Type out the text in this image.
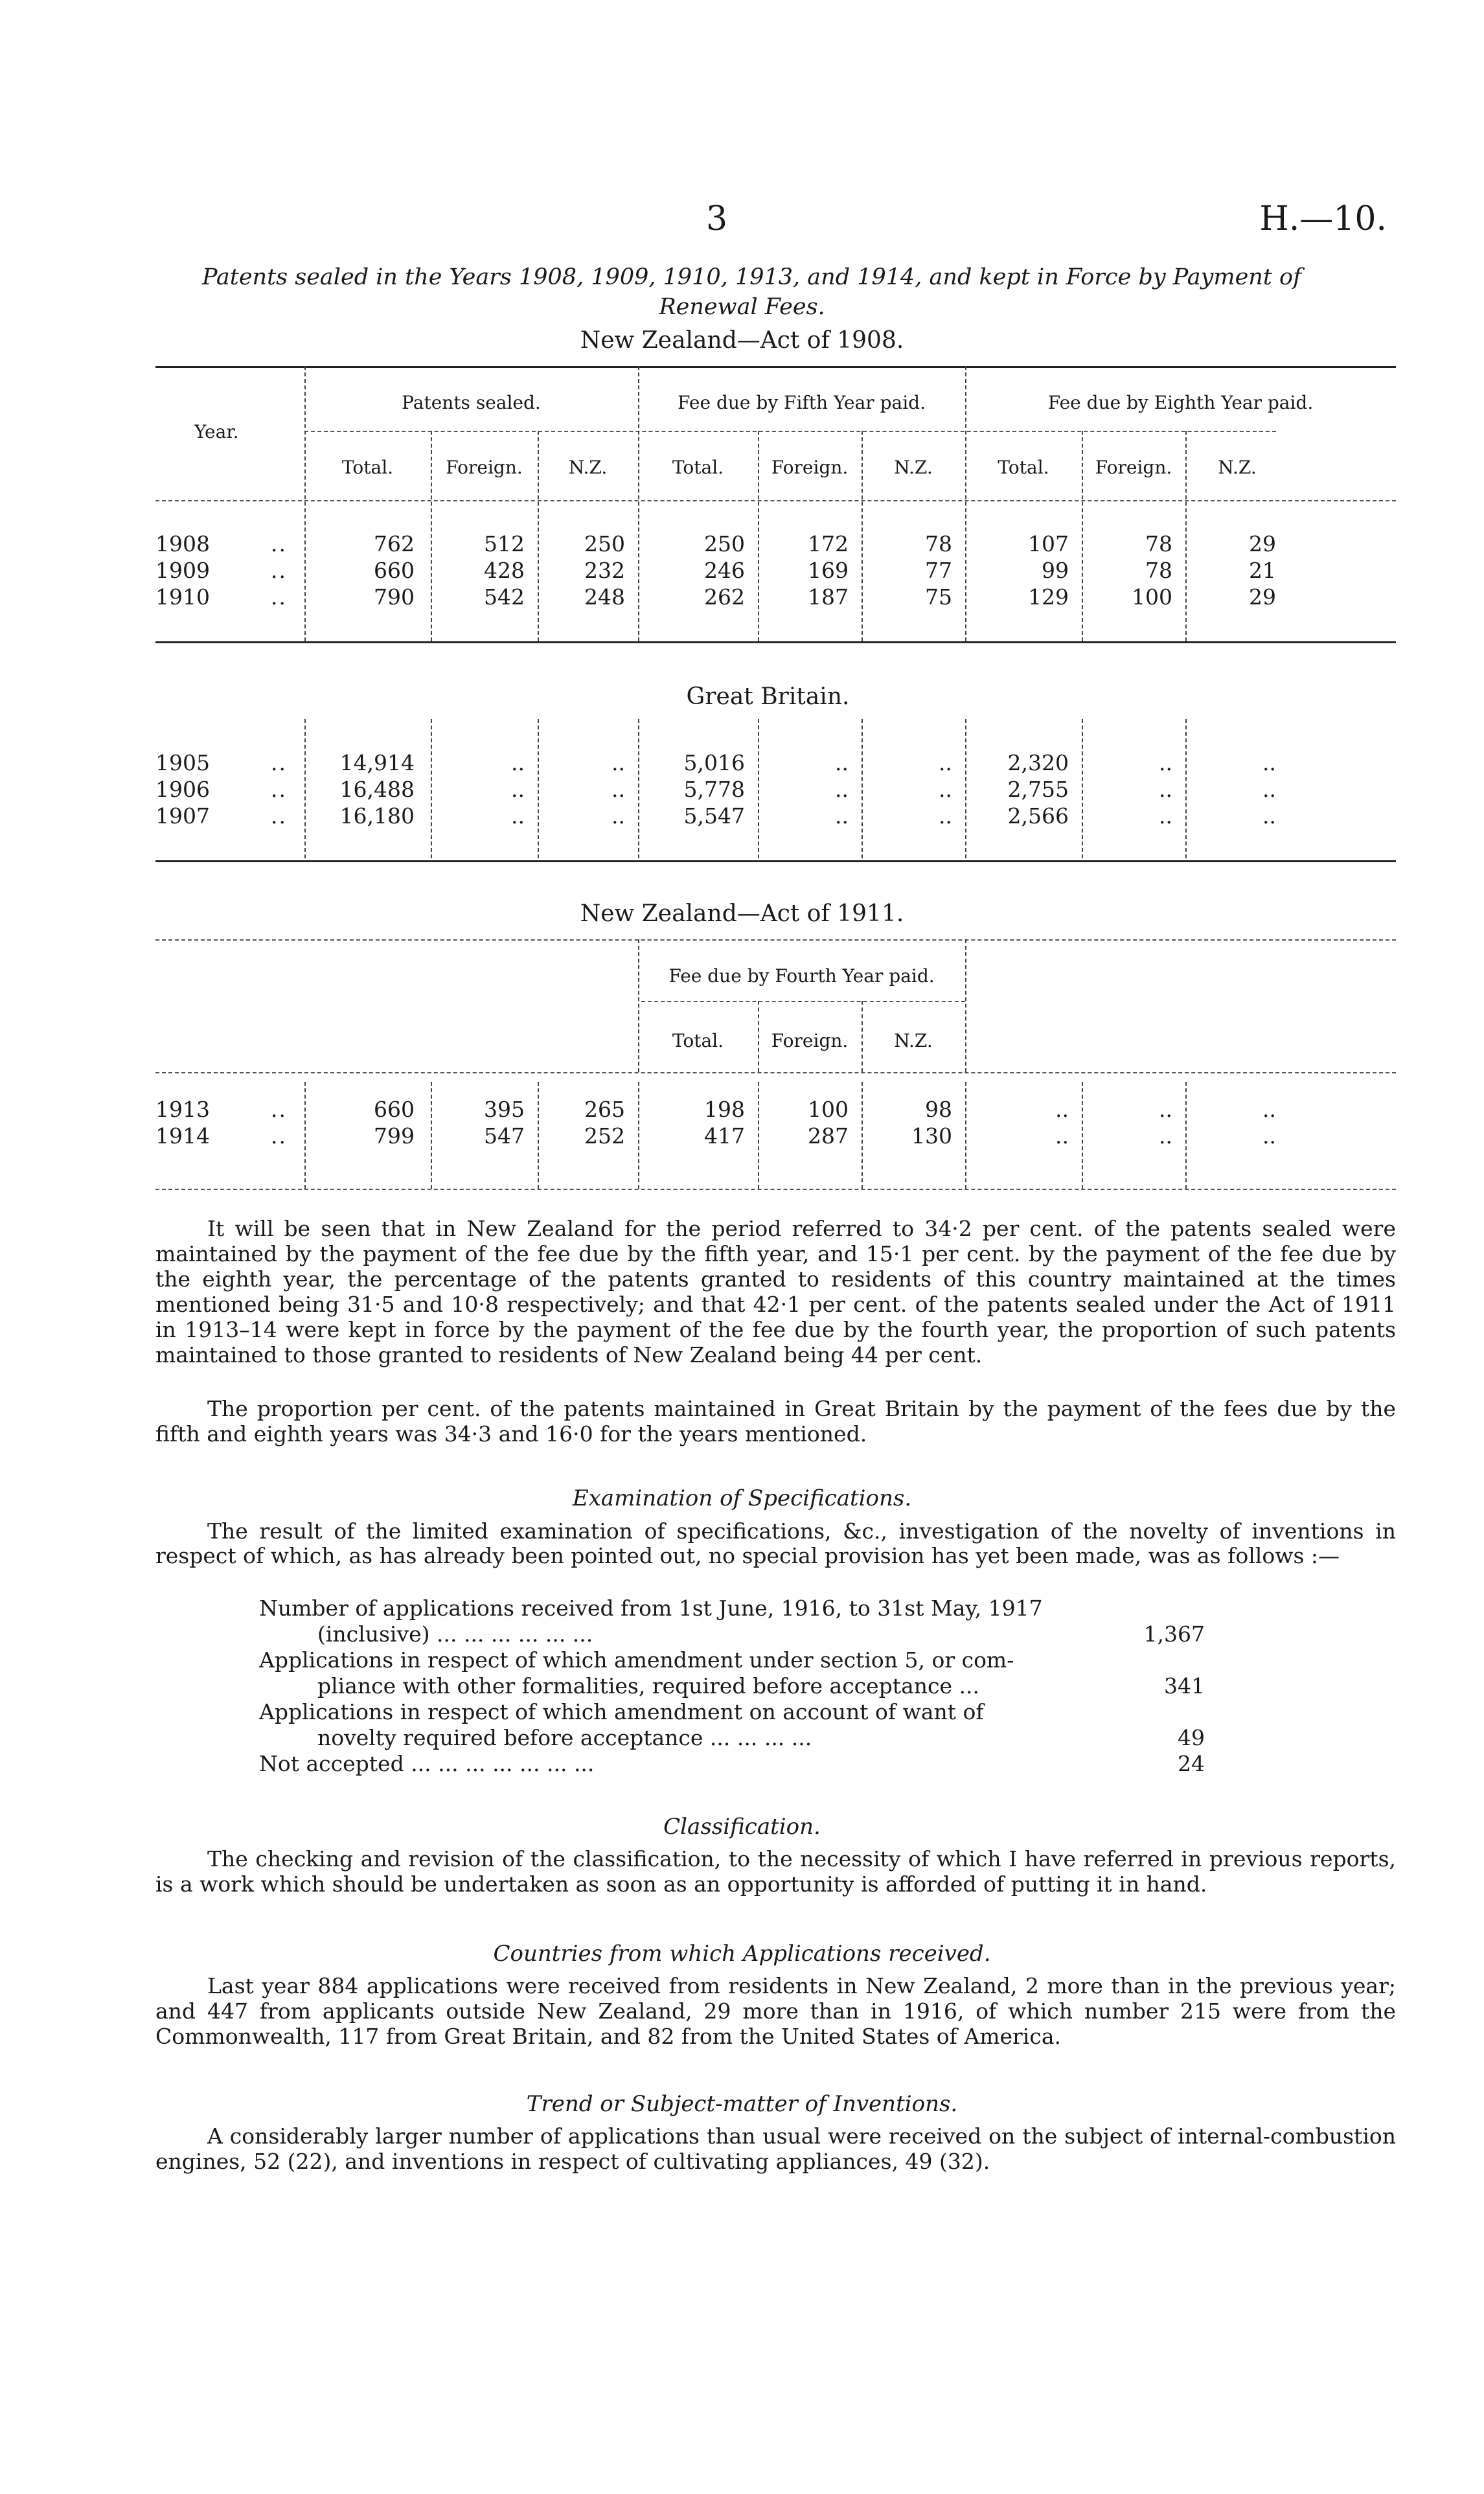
3	H.—10.
Patents sealed in the Years 1908, 1909, 1910, 1913, and 1914, and kept in Force by Payment of
Renewal Fees.
New Zealand—Act of 1908.
Year.
Patents sealed.	Fee due by Fifth Year paid.	Fee due by Eighth Year paid.
Total.	Foreign.	N.Z.	Total.	Foreign.	N.Z.	Total.	Foreign.	N.Z.
Great Britain.
New Zealand—Act of 1911.
Fee due by Fourth Year paid.
Total.	Foreign.	N.Z.
1908	..	762	512	250	250	172	78	107	78	29
1909	..	660	428	232	246	169	77	99	78	21
1910	..	790	542	248	262	187	75	129	100	29
1905	..	14,914	..	..	5,016	..	..	2,320	..	..
1906	..	16,488	..	..	5,778	..	..	2,755	..	..
1907	..	16,180	..	..	5,547	..	..	2,566	..	..
1913	..	660	395	265	198	100	98	..	..	..
1914	..	799	547	252	417	287	130	..	..	..
It will be seen that in New Zealand for the period referred to 34·2 per cent. of the patents sealed were maintained by the payment of the fee due by the fifth year, and 15·1 per cent. by the payment of the fee due by the eighth year, the percentage of the patents granted to residents of this country maintained at the times mentioned being 31·5 and 10·8 respectively; and that 42·1 per cent. of the patents sealed under the Act of 1911 in 1913–14 were kept in force by the payment of the fee due by the fourth year, the proportion of such patents maintained to those granted to residents of New Zealand being 44 per cent.
The proportion per cent. of the patents maintained in Great Britain by the payment of the fees due by the fifth and eighth years was 34·3 and 16·0 for the years mentioned.
Examination of Specifications.
The result of the limited examination of specifications, &c., investigation of the novelty of inventions in respect of which, as has already been pointed out, no special provision has yet been made, was as follows :—
Number of applications received from 1st June, 1916, to 31st May, 1917
(inclusive) ... ... ... ... ... ...	1,367
Applications in respect of which amendment under section 5, or com-
pliance with other formalities, required before acceptance ...	341
Applications in respect of which amendment on account of want of
novelty required before acceptance ... ... ... ...	49
Not accepted ... ... ... ... ... ... ...	24
Classification.
The checking and revision of the classification, to the necessity of which I have referred in previous reports, is a work which should be undertaken as soon as an opportunity is afforded of putting it in hand.
Countries from which Applications received.
Last year 884 applications were received from residents in New Zealand, 2 more than in the previous year; and 447 from applicants outside New Zealand, 29 more than in 1916, of which number 215 were from the Commonwealth, 117 from Great Britain, and 82 from the United States of America.
Trend or Subject-matter of Inventions.
A considerably larger number of applications than usual were received on the subject of internal-combustion engines, 52 (22), and inventions in respect of cultivating appliances, 49 (32).
